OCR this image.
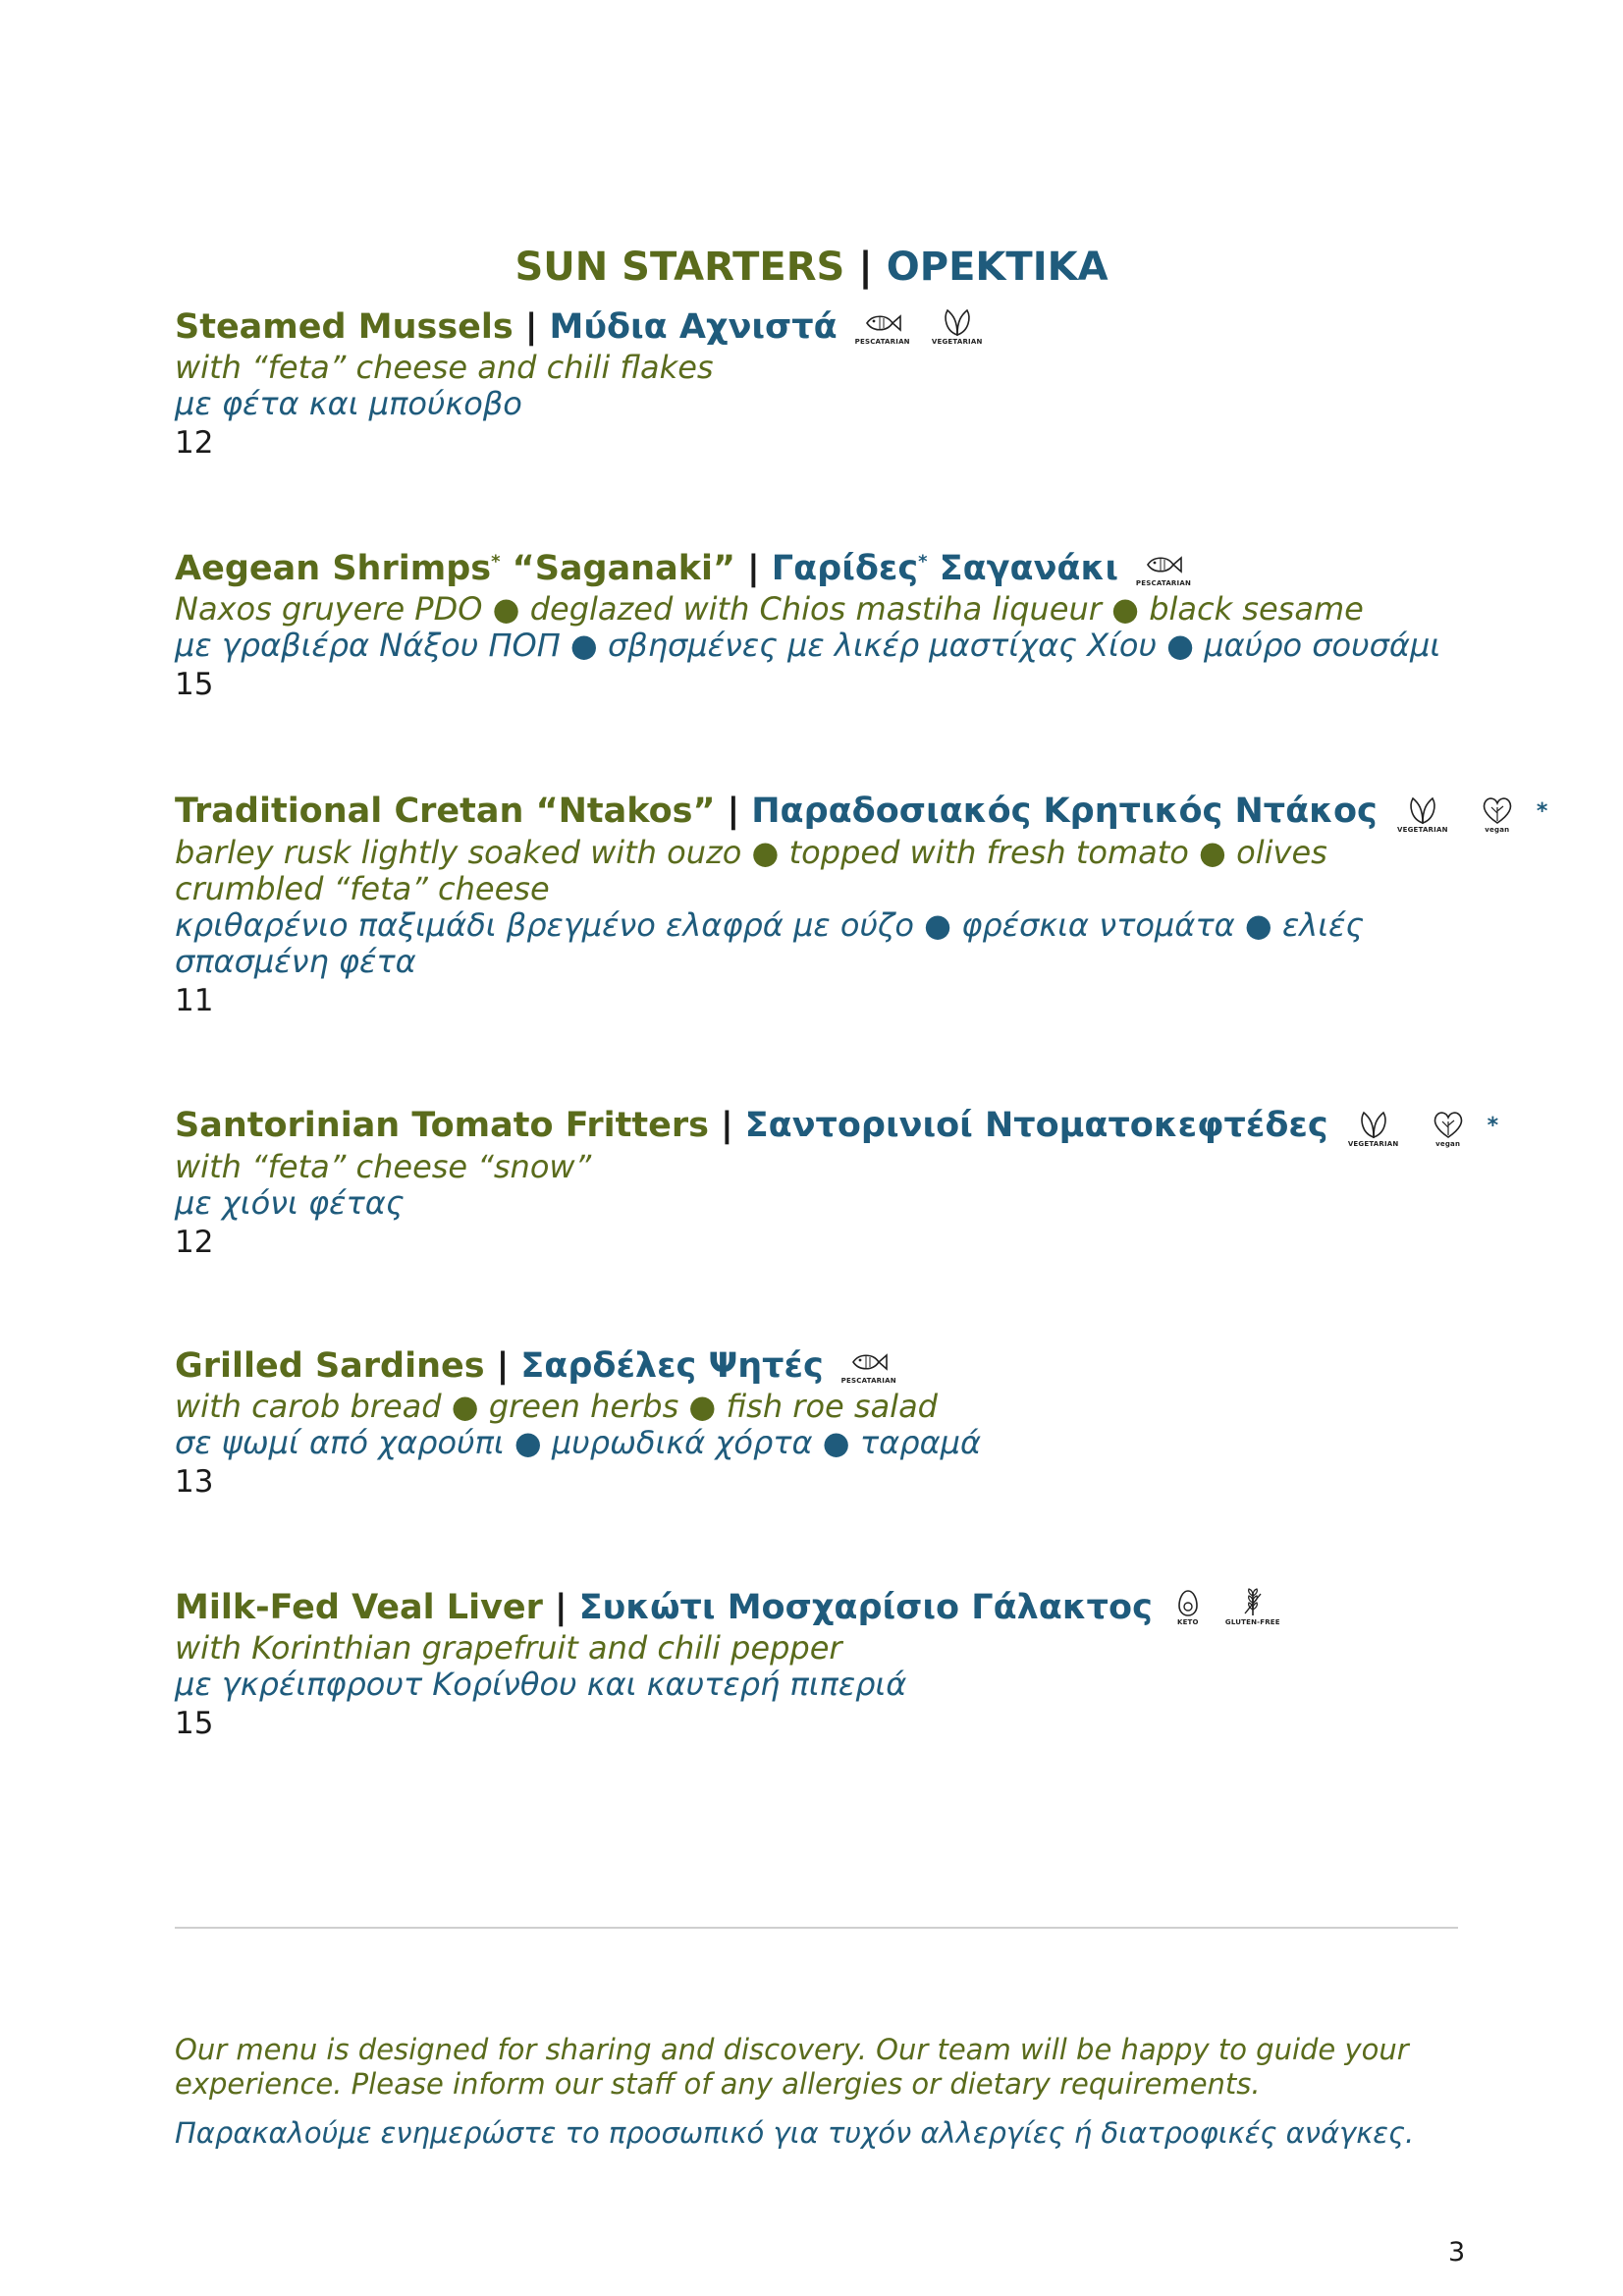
SUN STARTERS | ΟΡΕΚΤΙΚΑ
Steamed Mussels | Μύδια Αχνιστά	PESCATARIAN	VEGETARIAN
with “feta” cheese and chili flakes
με φέτα και μπούκοβο
12
Aegean Shrimps* “Saganaki” | Γαρίδες* Σαγανάκι	PESCATARIAN
Naxos gruyere PDO ● deglazed with Chios mastiha liqueur ● black sesame
με γραβιέρα Νάξου ΠΟΠ ● σβησμένες με λικέρ μαστίχας Χίου ● μαύρο σουσάμι
15
Traditional Cretan “Ntakos” | Παραδοσιακός Κρητικός Ντάκος	VEGETARIAN	vegan
*
barley rusk lightly soaked with ouzo ● topped with fresh tomato ● olives
crumbled “feta” cheese
κριθαρένιο παξιμάδι βρεγμένο ελαφρά με ούζο ● φρέσκια ντομάτα ● ελιές
σπασμένη φέτα
11
Santorinian Tomato Fritters | Σαντορινιοί Ντοματοκεφτέδες	VEGETARIAN	vegan
*
with “feta” cheese “snow”
με χιόνι φέτας
12
Grilled Sardines | Σαρδέλες Ψητές	PESCATARIAN
with carob bread ● green herbs ● fish roe salad
σε ψωμί από χαρούπι ● μυρωδικά χόρτα ● ταραμά
13
Milk-Fed Veal Liver | Συκώτι Μοσχαρίσιο Γάλακτος	KETO	GLUTEN-FREE
with Korinthian grapefruit and chili pepper
με γκρέιπφρουτ Κορίνθου και καυτερή πιπεριά
15
Our menu is designed for sharing and discovery. Our team will be happy to guide your
experience. Please inform our staff of any allergies or dietary requirements.
Παρακαλούμε ενημερώστε το προσωπικό για τυχόν αλλεργίες ή διατροφικές ανάγκες.
3
